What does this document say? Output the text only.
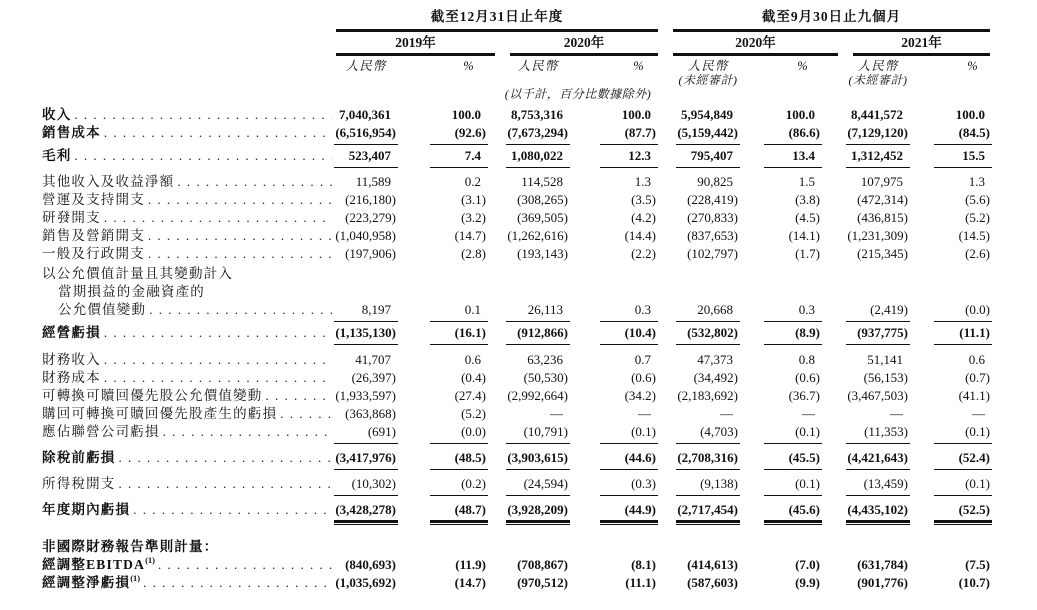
截至12月31日止年度	截至9月30日止九個月
2019年	2020年	2020年	2021年
人民幣	%	人民幣	%	人民幣	%	人民幣	%
(未經審計)	(未經審計)
(以千計，百分比數據除外)
收入 . . .	7,040,361	100.0	8,753,316	100.0	5,954,849	100.0	8,441,572	100.0
銷售成本 . . .	(6,516,954)	(92.6)	(7,673,294)	(87.7)	(5,159,442)	(86.6)	(7,129,120)	(84.5)
毛利 . . .	523,407	7.4	1,080,022	12.3	795,407	13.4	1,312,452	15.5
其他收入及收益淨額 . . .	11,589	0.2	114,528	1.3	90,825	1.5	107,975	1.3
營運及支持開支 . . .	(216,180)	(3.1)	(308,265)	(3.5)	(228,419)	(3.8)	(472,314)	(5.6)
研發開支 . . .	(223,279)	(3.2)	(369,505)	(4.2)	(270,833)	(4.5)	(436,815)	(5.2)
銷售及營銷開支 . . .	(1,040,958)	(14.7)	(1,262,616)	(14.4)	(837,653)	(14.1)	(1,231,309)	(14.5)
一般及行政開支 . . .	(197,906)	(2.8)	(193,143)	(2.2)	(102,797)	(1.7)	(215,345)	(2.6)
以公允價值計量且其變動計入
當期損益的金融資產的
公允價值變動 . . .	8,197	0.1	26,113	0.3	20,668	0.3	(2,419)	(0.0)
經營虧損 . . .	(1,135,130)	(16.1)	(912,866)	(10.4)	(532,802)	(8.9)	(937,775)	(11.1)
財務收入 . . .	41,707	0.6	63,236	0.7	47,373	0.8	51,141	0.6
財務成本 . . .	(26,397)	(0.4)	(50,530)	(0.6)	(34,492)	(0.6)	(56,153)	(0.7)
可轉換可贖回優先股公允價值變動 . . .	(1,933,597)	(27.4)	(2,992,664)	(34.2)	(2,183,692)	(36.7)	(3,467,503)	(41.1)
購回可轉換可贖回優先股產生的虧損 . . .	(363,868)	(5.2)	—	—	—	—	—	—
應佔聯營公司虧損 . . .	(691)	(0.0)	(10,791)	(0.1)	(4,703)	(0.1)	(11,353)	(0.1)
除稅前虧損 . . .	(3,417,976)	(48.5)	(3,903,615)	(44.6)	(2,708,316)	(45.5)	(4,421,643)	(52.4)
所得稅開支 . . .	(10,302)	(0.2)	(24,594)	(0.3)	(9,138)	(0.1)	(13,459)	(0.1)
年度期內虧損 . . .	(3,428,278)	(48.7)	(3,928,209)	(44.9)	(2,717,454)	(45.6)	(4,435,102)	(52.5)
非國際財務報告準則計量：
經調整EBITDA$^{(1)}$ . . .	(840,693)	(11.9)	(708,867)	(8.1)	(414,613)	(7.0)	(631,784)	(7.5)
經調整淨虧損$^{(1)}$ . . .	(1,035,692)	(14.7)	(970,512)	(11.1)	(587,603)	(9.9)	(901,776)	(10.7)
